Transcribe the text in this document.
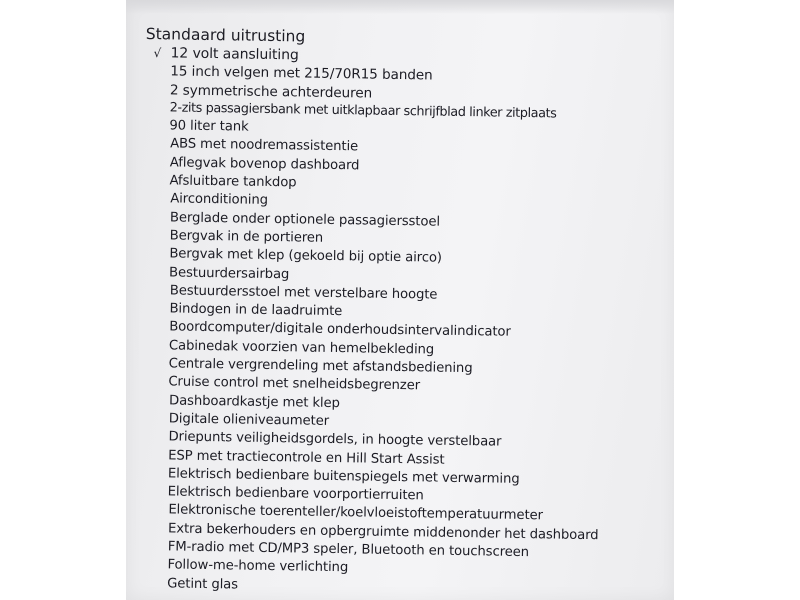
Standaard uitrusting
√ 12 volt aansluiting
15 inch velgen met 215/70R15 banden
2 symmetrische achterdeuren
2-zits passagiersbank met uitklapbaar schrijfblad linker zitplaats
90 liter tank
ABS met noodremassistentie
Aflegvak bovenop dashboard
Afsluitbare tankdop
Airconditioning
Berglade onder optionele passagiersstoel
Bergvak in de portieren
Bergvak met klep (gekoeld bij optie airco)
Bestuurdersairbag
Bestuurdersstoel met verstelbare hoogte
Bindogen in de laadruimte
Boordcomputer/digitale onderhoudsintervalindicator
Cabinedak voorzien van hemelbekleding
Centrale vergrendeling met afstandsbediening
Cruise control met snelheidsbegrenzer
Dashboardkastje met klep
Digitale olieniveaumeter
Driepunts veiligheidsgordels, in hoogte verstelbaar
ESP met tractiecontrole en Hill Start Assist
Elektrisch bedienbare buitenspiegels met verwarming
Elektrisch bedienbare voorportierruiten
Elektronische toerenteller/koelvloeistoftemperatuurmeter
Extra bekerhouders en opbergruimte middenonder het dashboard
FM-radio met CD/MP3 speler, Bluetooth en touchscreen
Follow-me-home verlichting
Getint glas
